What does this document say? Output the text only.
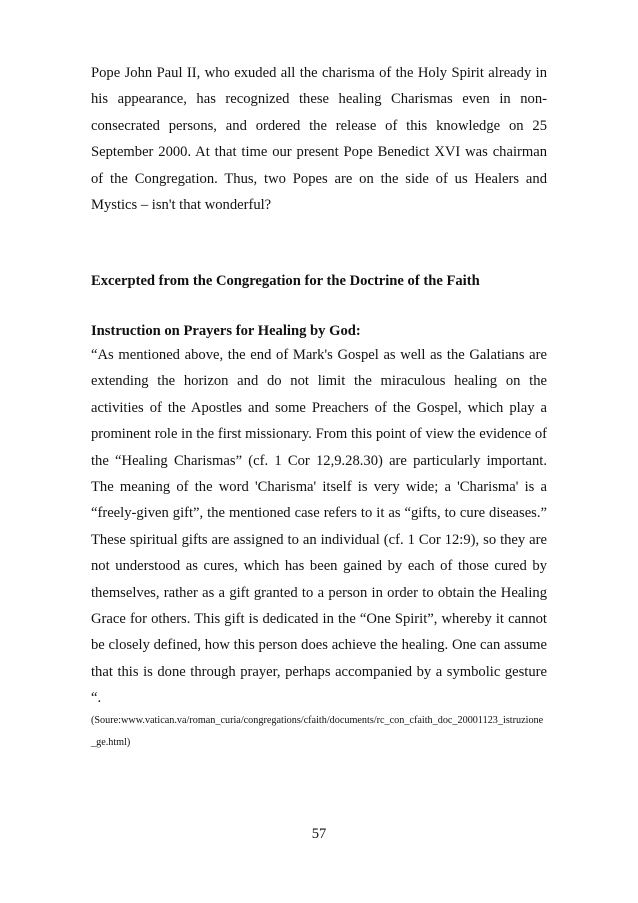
Pope John Paul II, who exuded all the charisma of the Holy Spirit already in his appearance, has recognized these healing Charismas even in non-consecrated persons, and ordered the release of this knowledge on 25 September 2000. At that time our present Pope Benedict XVI was chairman of the Congregation. Thus, two Popes are on the side of us Healers and Mystics – isn't that wonderful?

Excerpted from the Congregation for the Doctrine of the Faith

Instruction on Prayers for Healing by God:

“As mentioned above, the end of Mark's Gospel as well as the Galatians are extending the horizon and do not limit the miraculous healing on the activities of the Apostles and some Preachers of the Gospel, which play a prominent role in the first missionary. From this point of view the evidence of the “Healing Charismas” (cf. 1 Cor 12,9.28.30) are particularly important. The meaning of the word 'Charisma' itself is very wide; a 'Charisma' is a “freely-given gift”, the mentioned case refers to it as “gifts, to cure diseases.” These spiritual gifts are assigned to an individual (cf. 1 Cor 12:9), so they are not understood as cures, which has been gained by each of those cured by themselves, rather as a gift granted to a person in order to obtain the Healing Grace for others. This gift is dedicated in the “One Spirit”, whereby it cannot be closely defined, how this person does achieve the healing. One can assume that this is done through prayer, perhaps accompanied by a symbolic gesture “.

(Soure:www.vatican.va/roman_curia/congregations/cfaith/documents/rc_con_cfaith_doc_20001123_istruzione_ge.html)

57
